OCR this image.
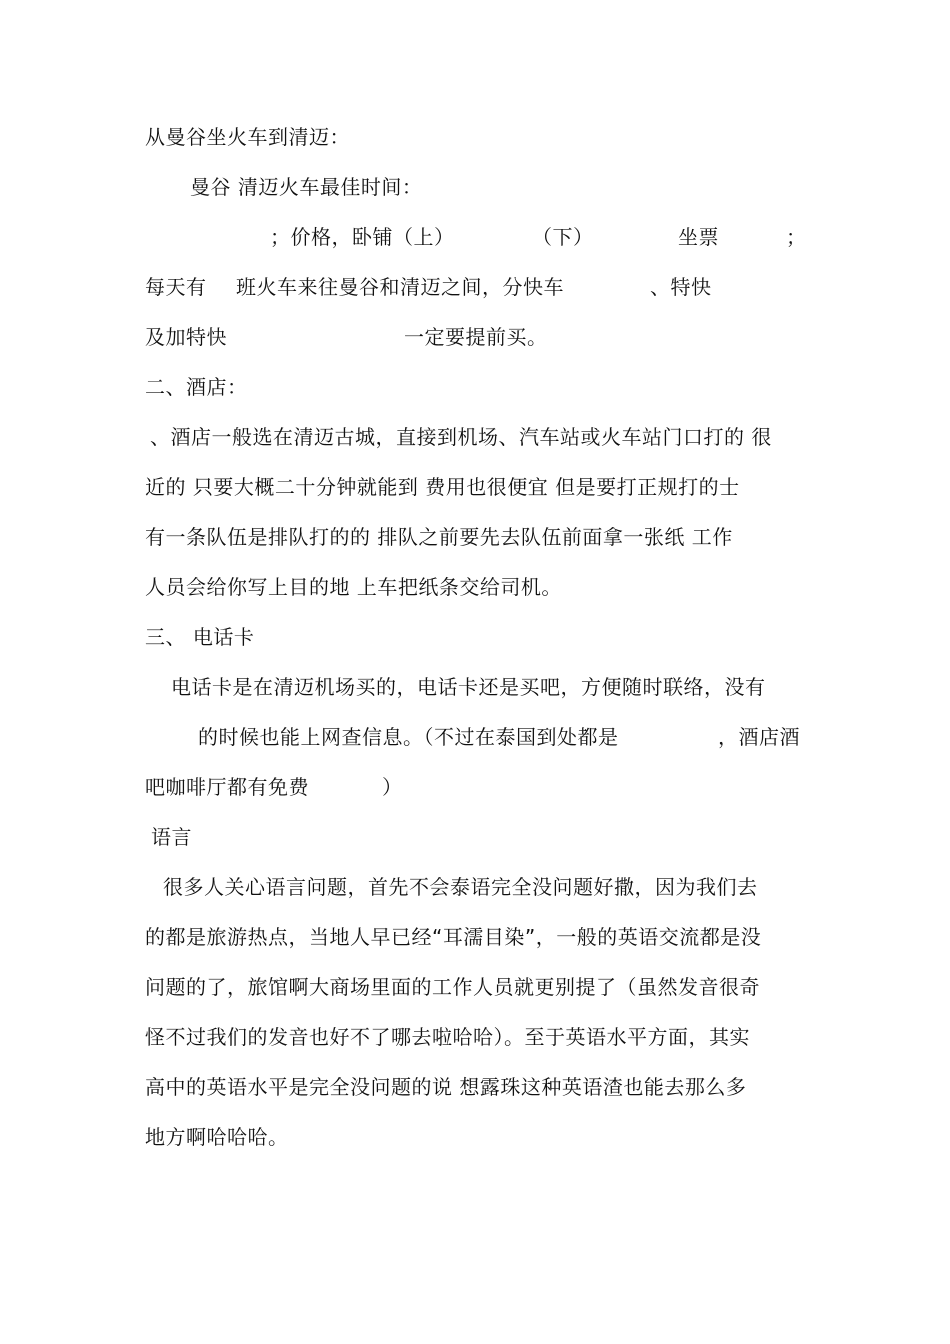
从曼谷坐火车到清迈：
曼谷 清迈火车最佳时间：
；价格，卧铺（上）	（下）	坐票	；
每天有 班火车来往曼谷和清迈之间，分快车	、特快
及加特快	一定要提前买。
二、酒店：
、酒店一般选在清迈古城，直接到机场、汽车站或火车站门口打的 很
近的 只要大概二十分钟就能到 费用也很便宜 但是要打正规打的士
有一条队伍是排队打的的 排队之前要先去队伍前面拿一张纸 工作
人员会给你写上目的地 上车把纸条交给司机。
三、 电话卡
电话卡是在清迈机场买的，电话卡还是买吧，方便随时联络，没有
的时候也能上网查信息。（不过在泰国到处都是	，酒店酒
吧咖啡厅都有免费	）
语言
很多人关心语言问题，首先不会泰语完全没问题好撒，因为我们去
的都是旅游热点，当地人早已经“耳濡目染”，一般的英语交流都是没
问题的了，旅馆啊大商场里面的工作人员就更别提了（虽然发音很奇
怪不过我们的发音也好不了哪去啦哈哈）。至于英语水平方面，其实
高中的英语水平是完全没问题的说 想露珠这种英语渣也能去那么多
地方啊哈哈哈。
